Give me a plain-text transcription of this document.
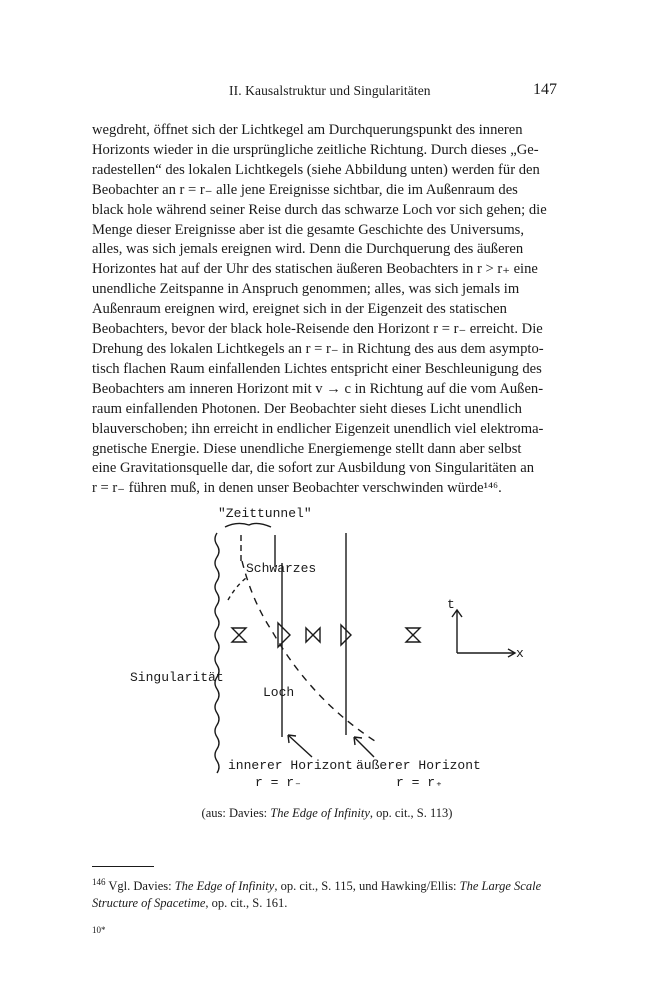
II. Kausalstruktur und Singularitäten	147

wegdreht, öffnet sich der Lichtkegel am Durchquerungspunkt des inneren

Horizonts wieder in die ursprüngliche zeitliche Richtung. Durch dieses „Ge-

radestellen“ des lokalen Lichtkegels (siehe Abbildung unten) werden für den

Beobachter an r = r₋ alle jene Ereignisse sichtbar, die im Außenraum des

black hole während seiner Reise durch das schwarze Loch vor sich gehen; die

Menge dieser Ereignisse aber ist die gesamte Geschichte des Universums,

alles, was sich jemals ereignen wird. Denn die Durchquerung des äußeren

Horizontes hat auf der Uhr des statischen äußeren Beobachters in r > r₊ eine

unendliche Zeitspanne in Anspruch genommen; alles, was sich jemals im

Außenraum ereignen wird, ereignet sich in der Eigenzeit des statischen

Beobachters, bevor der black hole-Reisende den Horizont r = r₋ erreicht. Die

Drehung des lokalen Lichtkegels an r = r₋ in Richtung des aus dem asympto-

tisch flachen Raum einfallenden Lichtes entspricht einer Beschleunigung des

Beobachters am inneren Horizont mit v → c in Richtung auf die vom Außen-

raum einfallenden Photonen. Der Beobachter sieht dieses Licht unendlich

blauverschoben; ihn erreicht in endlicher Eigenzeit unendlich viel elektroma-

gnetische Energie. Diese unendliche Energiemenge stellt dann aber selbst

eine Gravitationsquelle dar, die sofort zur Ausbildung von Singularitäten an

r = r₋ führen muß, in denen unser Beobachter verschwinden würde¹⁴⁶.

"Zeittunnel"
Schwarzes
Loch
Singularität
innerer Horizont
r = r₋
äußerer Horizont
r = r₊
t
x
(aus: Davies: The Edge of Infinity, op. cit., S. 113)

$^{146}$ Vgl. Davies: The Edge of Infinity, op. cit., S. 115, und Hawking/Ellis: The Large Scale Structure of Spacetime, op. cit., S. 161.

10*
